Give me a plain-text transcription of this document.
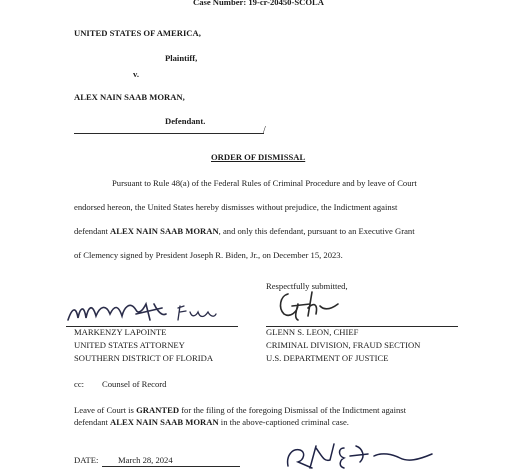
Case Number: 19-cr-20450-SCOLA
UNITED STATES OF AMERICA,
Plaintiff,
v.
ALEX NAIN SAAB MORAN,
Defendant.
/
ORDER OF DISMISSAL
Pursuant to Rule 48(a) of the Federal Rules of Criminal Procedure and by leave of Court
endorsed hereon, the United States hereby dismisses without prejudice, the Indictment against
defendant ALEX NAIN SAAB MORAN, and only this defendant, pursuant to an Executive Grant
of Clemency signed by President Joseph R. Biden, Jr., on December 15, 2023.
Respectfully submitted,
MARKENZY LAPOINTE
UNITED STATES ATTORNEY
SOUTHERN DISTRICT OF FLORIDA
GLENN S. LEON, CHIEF
CRIMINAL DIVISION, FRAUD SECTION
U.S. DEPARTMENT OF JUSTICE
cc: Counsel of Record
Leave of Court is GRANTED for the filing of the foregoing Dismissal of the Indictment against
defendant ALEX NAIN SAAB MORAN in the above-captioned criminal case.
DATE: March 28, 2024
